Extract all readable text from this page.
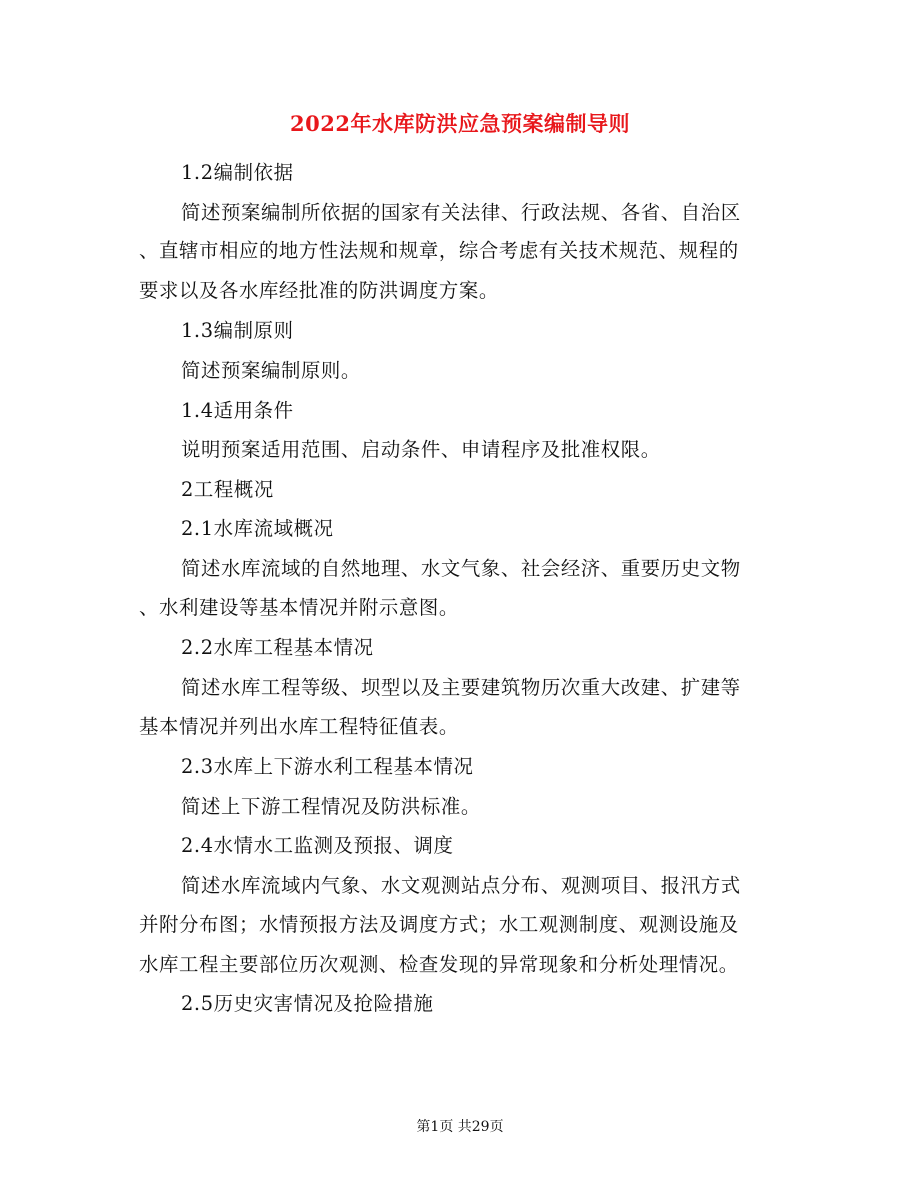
2022年水库防洪应急预案编制导则
1.2编制依据
简述预案编制所依据的国家有关法律、行政法规、各省、自治区
、直辖市相应的地方性法规和规章，综合考虑有关技术规范、规程的
要求以及各水库经批准的防洪调度方案。
1.3编制原则
简述预案编制原则。
1.4适用条件
说明预案适用范围、启动条件、申请程序及批准权限。
2工程概况
2.1水库流域概况
简述水库流域的自然地理、水文气象、社会经济、重要历史文物
、水利建设等基本情况并附示意图。
2.2水库工程基本情况
简述水库工程等级、坝型以及主要建筑物历次重大改建、扩建等
基本情况并列出水库工程特征值表。
2.3水库上下游水利工程基本情况
简述上下游工程情况及防洪标准。
2.4水情水工监测及预报、调度
简述水库流域内气象、水文观测站点分布、观测项目、报汛方式
并附分布图；水情预报方法及调度方式；水工观测制度、观测设施及
水库工程主要部位历次观测、检查发现的异常现象和分析处理情况。
2.5历史灾害情况及抢险措施
第1页 共29页
